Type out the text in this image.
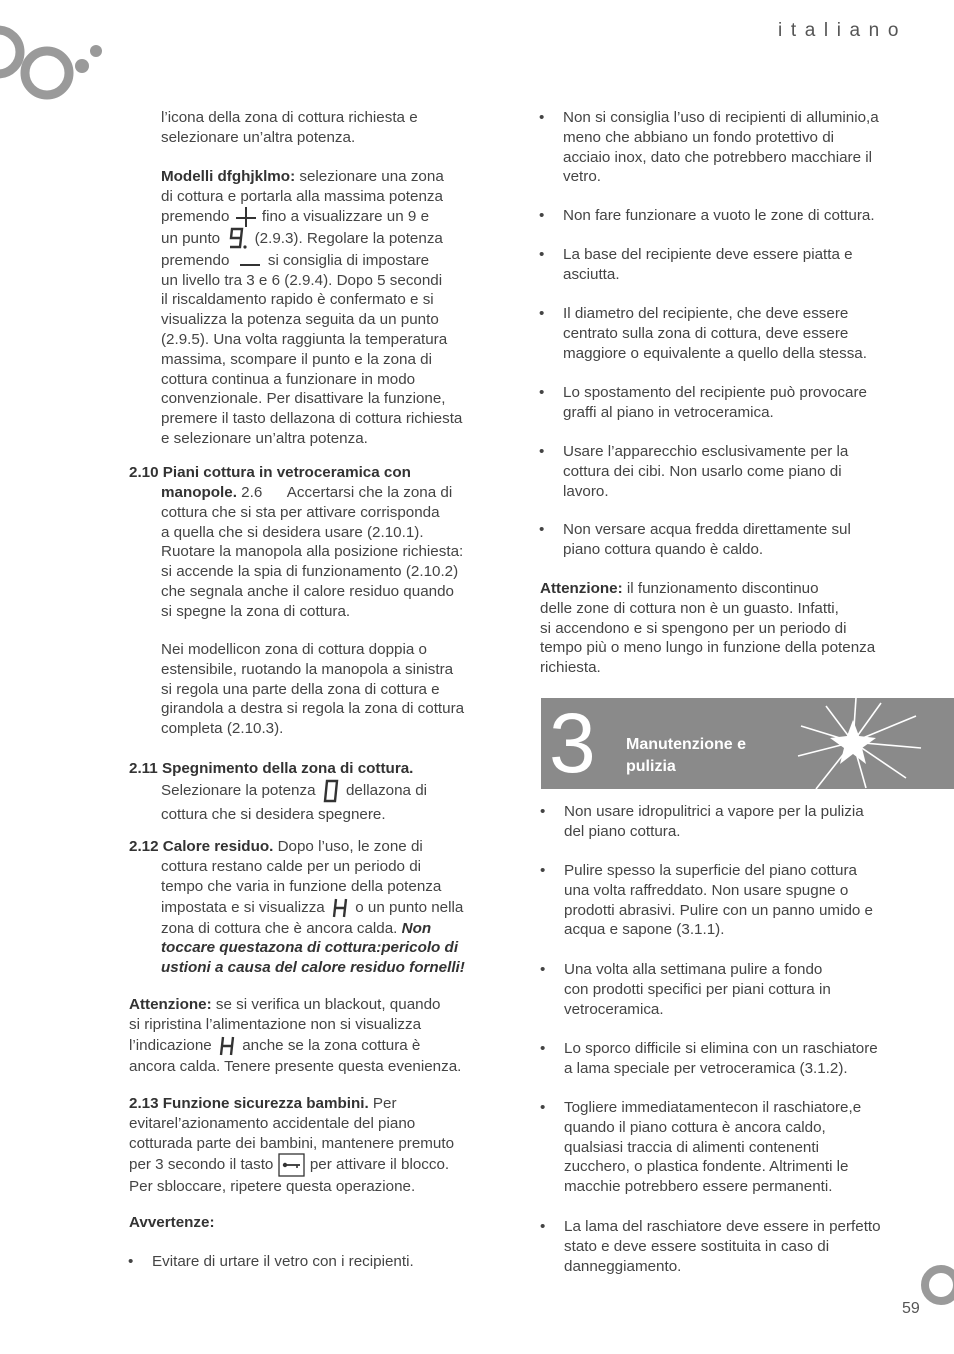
italiano
l’icona della zona di cottura richiesta e
selezionare un’altra potenza.
Modelli dfghjklmo: selezionare una zona
di cottura e portarla alla massima potenza
premendo fino a visualizzare un 9 e
un punto (2.9.3). Regolare la potenza
premendo	si consiglia di impostare
un livello tra 3 e 6 (2.9.4). Dopo 5 secondi
il riscaldamento rapido è confermato e si
visualizza la potenza seguita da un punto
(2.9.5). Una volta raggiunta la temperatura
massima, scompare il punto e la zona di
cottura continua a funzionare in modo
convenzionale. Per disattivare la funzione,
premere il tasto dellazona di cottura richiesta
e selezionare un’altra potenza.
2.10 Piani cottura in vetroceramica con
manopole. 2.6      Accertarsi che la zona di
cottura che si sta per attivare corrisponda
a quella che si desidera usare (2.10.1).
Ruotare la manopola alla posizione richiesta:
si accende la spia di funzionamento (2.10.2)
che segnala anche il calore residuo quando
si spegne la zona di cottura.
Nei modellicon zona di cottura doppia o
estensibile, ruotando la manopola a sinistra
si regola una parte della zona di cottura e
girandola a destra si regola la zona di cottura
completa (2.10.3).
2.11 Spegnimento della zona di cottura.
Selezionare la potenza dellazona di
cottura che si desidera spegnere.
2.12 Calore residuo. Dopo l’uso, le zone di
cottura restano calde per un periodo di
tempo che varia in funzione della potenza
impostata e si visualizza o un punto nella
zona di cottura che è ancora calda. Non
toccare questazona di cottura:pericolo di
ustioni a causa del calore residuo fornelli!
Attenzione: se si verifica un blackout, quando
si ripristina l’alimentazione non si visualizza
l’indicazione anche se la zona cottura è
ancora calda. Tenere presente questa evenienza.
2.13 Funzione sicurezza bambini. Per
evitarel’azionamento accidentale del piano
cotturada parte dei bambini, mantenere premuto
per 3 secondo il tasto per attivare il blocco.
Per sbloccare, ripetere questa operazione.
Avvertenze:
• Evitare di urtare il vetro con i recipienti.
• Non si consiglia l’uso di recipienti di alluminio,a
meno che abbiano un fondo protettivo di
acciaio inox, dato che potrebbero macchiare il
vetro.
• Non fare funzionare a vuoto le zone di cottura.
• La base del recipiente deve essere piatta e
asciutta.
• Il diametro del recipiente, che deve essere
centrato sulla zona di cottura, deve essere
maggiore o equivalente a quello della stessa.
• Lo spostamento del recipiente può provocare
graffi al piano in vetroceramica.
• Usare l’apparecchio esclusivamente per la
cottura dei cibi. Non usarlo come piano di
lavoro.
• Non versare acqua fredda direttamente sul
piano cottura quando è caldo.
Attenzione: il funzionamento discontinuo
delle zone di cottura non è un guasto. Infatti,
si accendono e si spengono per un periodo di
tempo più o meno lungo in funzione della potenza
richiesta.
3 Manutenzione e
pulizia
• Non usare idropulitrici a vapore per la pulizia
del piano cottura.
• Pulire spesso la superficie del piano cottura
una volta raffreddato. Non usare spugne o
prodotti abrasivi. Pulire con un panno umido e
acqua e sapone (3.1.1).
• Una volta alla settimana pulire a fondo
con prodotti specifici per piani cottura in
vetroceramica.
• Lo sporco difficile si elimina con un raschiatore
a lama speciale per vetroceramica (3.1.2).
• Togliere immediatamentecon il raschiatore,e
quando il piano cottura è ancora caldo,
qualsiasi traccia di alimenti contenenti
zucchero, o plastica fondente. Altrimenti le
macchie potrebbero essere permanenti.
• La lama del raschiatore deve essere in perfetto
stato e deve essere sostituita in caso di
danneggiamento.
59
